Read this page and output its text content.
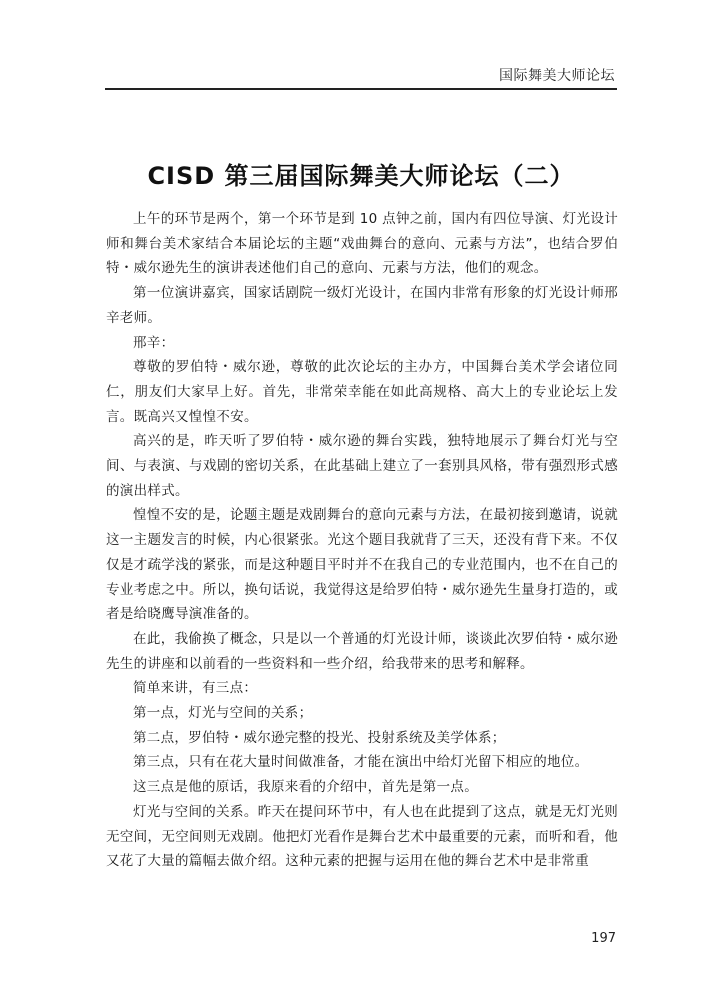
国际舞美大师论坛
CISD 第三届国际舞美大师论坛（二）

上午的环节是两个，第一个环节是到 10 点钟之前，国内有四位导演、灯光设计师和舞台美术家结合本届论坛的主题“戏曲舞台的意向、元素与方法”，也结合罗伯特・威尔逊先生的演讲表述他们自己的意向、元素与方法，他们的观念。

第一位演讲嘉宾，国家话剧院一级灯光设计，在国内非常有形象的灯光设计师邢辛老师。

邢辛：

尊敬的罗伯特・威尔逊，尊敬的此次论坛的主办方，中国舞台美术学会诸位同仁，朋友们大家早上好。首先，非常荣幸能在如此高规格、高大上的专业论坛上发言。既高兴又惶惶不安。

高兴的是，昨天听了罗伯特・威尔逊的舞台实践，独特地展示了舞台灯光与空间、与表演、与戏剧的密切关系，在此基础上建立了一套别具风格，带有强烈形式感的演出样式。

惶惶不安的是，论题主题是戏剧舞台的意向元素与方法，在最初接到邀请，说就这一主题发言的时候，内心很紧张。光这个题目我就背了三天，还没有背下来。不仅仅是才疏学浅的紧张，而是这种题目平时并不在我自己的专业范围内，也不在自己的专业考虑之中。所以，换句话说，我觉得这是给罗伯特・威尔逊先生量身打造的，或者是给晓鹰导演准备的。

在此，我偷换了概念，只是以一个普通的灯光设计师，谈谈此次罗伯特・威尔逊先生的讲座和以前看的一些资料和一些介绍，给我带来的思考和解释。

简单来讲，有三点：

第一点，灯光与空间的关系；

第二点，罗伯特・威尔逊完整的投光、投射系统及美学体系；

第三点，只有在花大量时间做准备，才能在演出中给灯光留下相应的地位。

这三点是他的原话，我原来看的介绍中，首先是第一点。

灯光与空间的关系。昨天在提问环节中，有人也在此提到了这点，就是无灯光则无空间，无空间则无戏剧。他把灯光看作是舞台艺术中最重要的元素，而听和看，他又花了大量的篇幅去做介绍。这种元素的把握与运用在他的舞台艺术中是非常重

197
